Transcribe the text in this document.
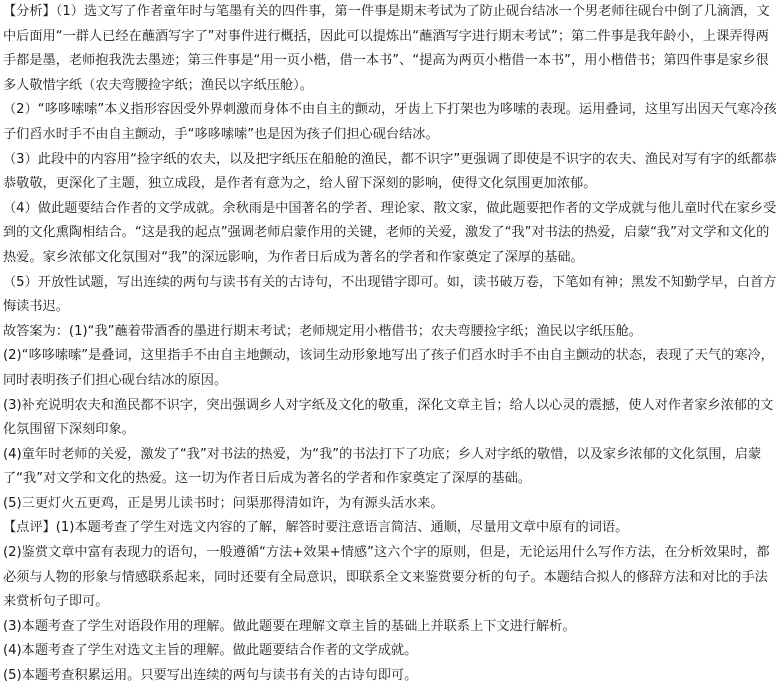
【分析】（1）选文写了作者童年时与笔墨有关的四件事，第一件事是期末考试为了防止砚台结冰一个男老师往砚台中倒了几滴酒，文中后面用“一群人已经在蘸酒写字了”对事件进行概括，因此可以提炼出“蘸酒写字进行期末考试”；第二件事是我年龄小，上课弄得两手都是墨，老师抱我洗去墨迹；第三件事是“用一页小楷，借一本书”、“提高为两页小楷借一本书”，用小楷借书；第四件事是家乡很多人敬惜字纸（农夫弯腰捡字纸；渔民以字纸压舱）。

（2）“哆哆嗦嗦”本义指形容因受外界刺激而身体不由自主的颤动，牙齿上下打架也为哆嗦的表现。运用叠词，这里写出因天气寒冷孩子们舀水时手不由自主颤动，手“哆哆嗦嗦”也是因为孩子们担心砚台结冰。

（3）此段中的内容用“捡字纸的农夫，以及把字纸压在船舱的渔民，都不识字”更强调了即使是不识字的农夫、渔民对写有字的纸都恭恭敬敬，更深化了主题，独立成段，是作者有意为之，给人留下深刻的影响，使得文化氛围更加浓郁。

（4）做此题要结合作者的文学成就。余秋雨是中国著名的学者、理论家、散文家，做此题要把作者的文学成就与他儿童时代在家乡受到的文化熏陶相结合。“这是我的起点”强调老师启蒙作用的关键，老师的关爱，激发了“我”对书法的热爱，启蒙“我”对文学和文化的热爱。家乡浓郁文化氛围对“我”的深远影响，为作者日后成为著名的学者和作家奠定了深厚的基础。

（5）开放性试题，写出连续的两句与读书有关的古诗句，不出现错字即可。如，读书破万卷，下笔如有神；黑发不知勤学早，白首方悔读书迟。

故答案为：(1)“我”蘸着带酒香的墨进行期末考试；老师规定用小楷借书；农夫弯腰捡字纸；渔民以字纸压舱。

(2)“哆哆嗦嗦”是叠词，这里指手不由自主地颤动，该词生动形象地写出了孩子们舀水时手不由自主颤动的状态，表现了天气的寒冷，同时表明孩子们担心砚台结冰的原因。

(3)补充说明农夫和渔民都不识字，突出强调乡人对字纸及文化的敬重，深化文章主旨；给人以心灵的震撼，使人对作者家乡浓郁的文化氛围留下深刻印象。

(4)童年时老师的关爱，激发了“我”对书法的热爱，为“我”的书法打下了功底；乡人对字纸的敬惜，以及家乡浓郁的文化氛围，启蒙了“我”对文学和文化的热爱。这一切为作者日后成为著名的学者和作家奠定了深厚的基础。

(5)三更灯火五更鸡，正是男儿读书时；问渠那得清如许，为有源头活水来。

【点评】(1)本题考查了学生对选文内容的了解，解答时要注意语言简洁、通顺，尽量用文章中原有的词语。

(2)鉴赏文章中富有表现力的语句，一般遵循“方法+效果+情感”这六个字的原则，但是，无论运用什么写作方法，在分析效果时，都必须与人物的形象与情感联系起来，同时还要有全局意识，即联系全文来鉴赏要分析的句子。本题结合拟人的修辞方法和对比的手法来赏析句子即可。

(3)本题考查了学生对语段作用的理解。做此题要在理解文章主旨的基础上并联系上下文进行解析。

(4)本题考查了学生对选文主旨的理解。做此题要结合作者的文学成就。

(5)本题考查积累运用。只要写出连续的两句与读书有关的古诗句即可。
